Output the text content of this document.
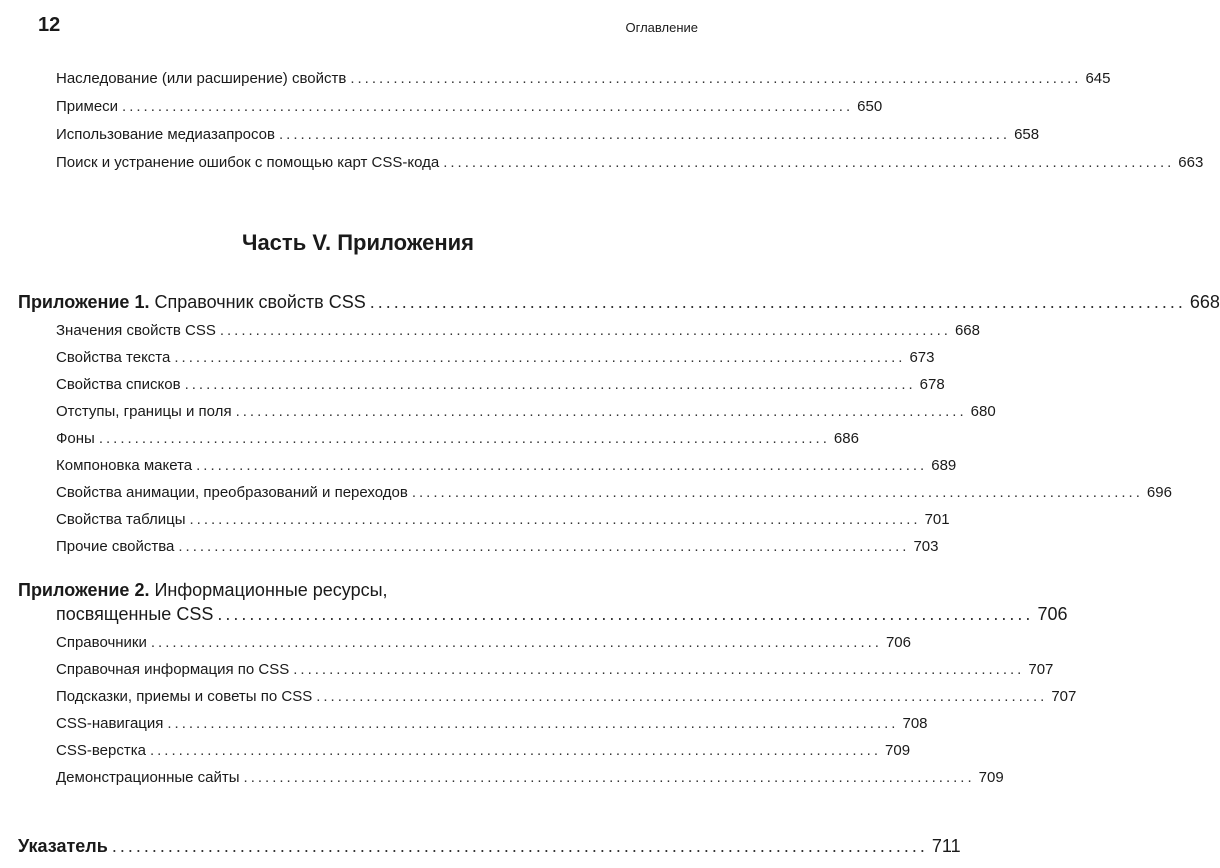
12	Оглавление
Наследование (или расширение) свойств ...................................................................................................... 645
Примеси ...................................................................................................... 650
Использование медиазапросов ...................................................................................................... 658
Поиск и устранение ошибок с помощью карт CSS-кода ...................................................................................................... 663
Часть V. Приложения
Приложение 1. Справочник свойств CSS ...................................................................................................... 668
Значения свойств CSS ...................................................................................................... 668
Свойства текста ...................................................................................................... 673
Свойства списков ...................................................................................................... 678
Отступы, границы и поля ...................................................................................................... 680
Фоны ...................................................................................................... 686
Компоновка макета ...................................................................................................... 689
Свойства анимации, преобразований и переходов ...................................................................................................... 696
Свойства таблицы ...................................................................................................... 701
Прочие свойства ...................................................................................................... 703
Приложение 2. Информационные ресурсы,
посвященные CSS ...................................................................................................... 706
Справочники ...................................................................................................... 706
Справочная информация по CSS ...................................................................................................... 707
Подсказки, приемы и советы по CSS ...................................................................................................... 707
CSS-навигация ...................................................................................................... 708
CSS-верстка ...................................................................................................... 709
Демонстрационные сайты ...................................................................................................... 709
Указатель ...................................................................................................... 711
